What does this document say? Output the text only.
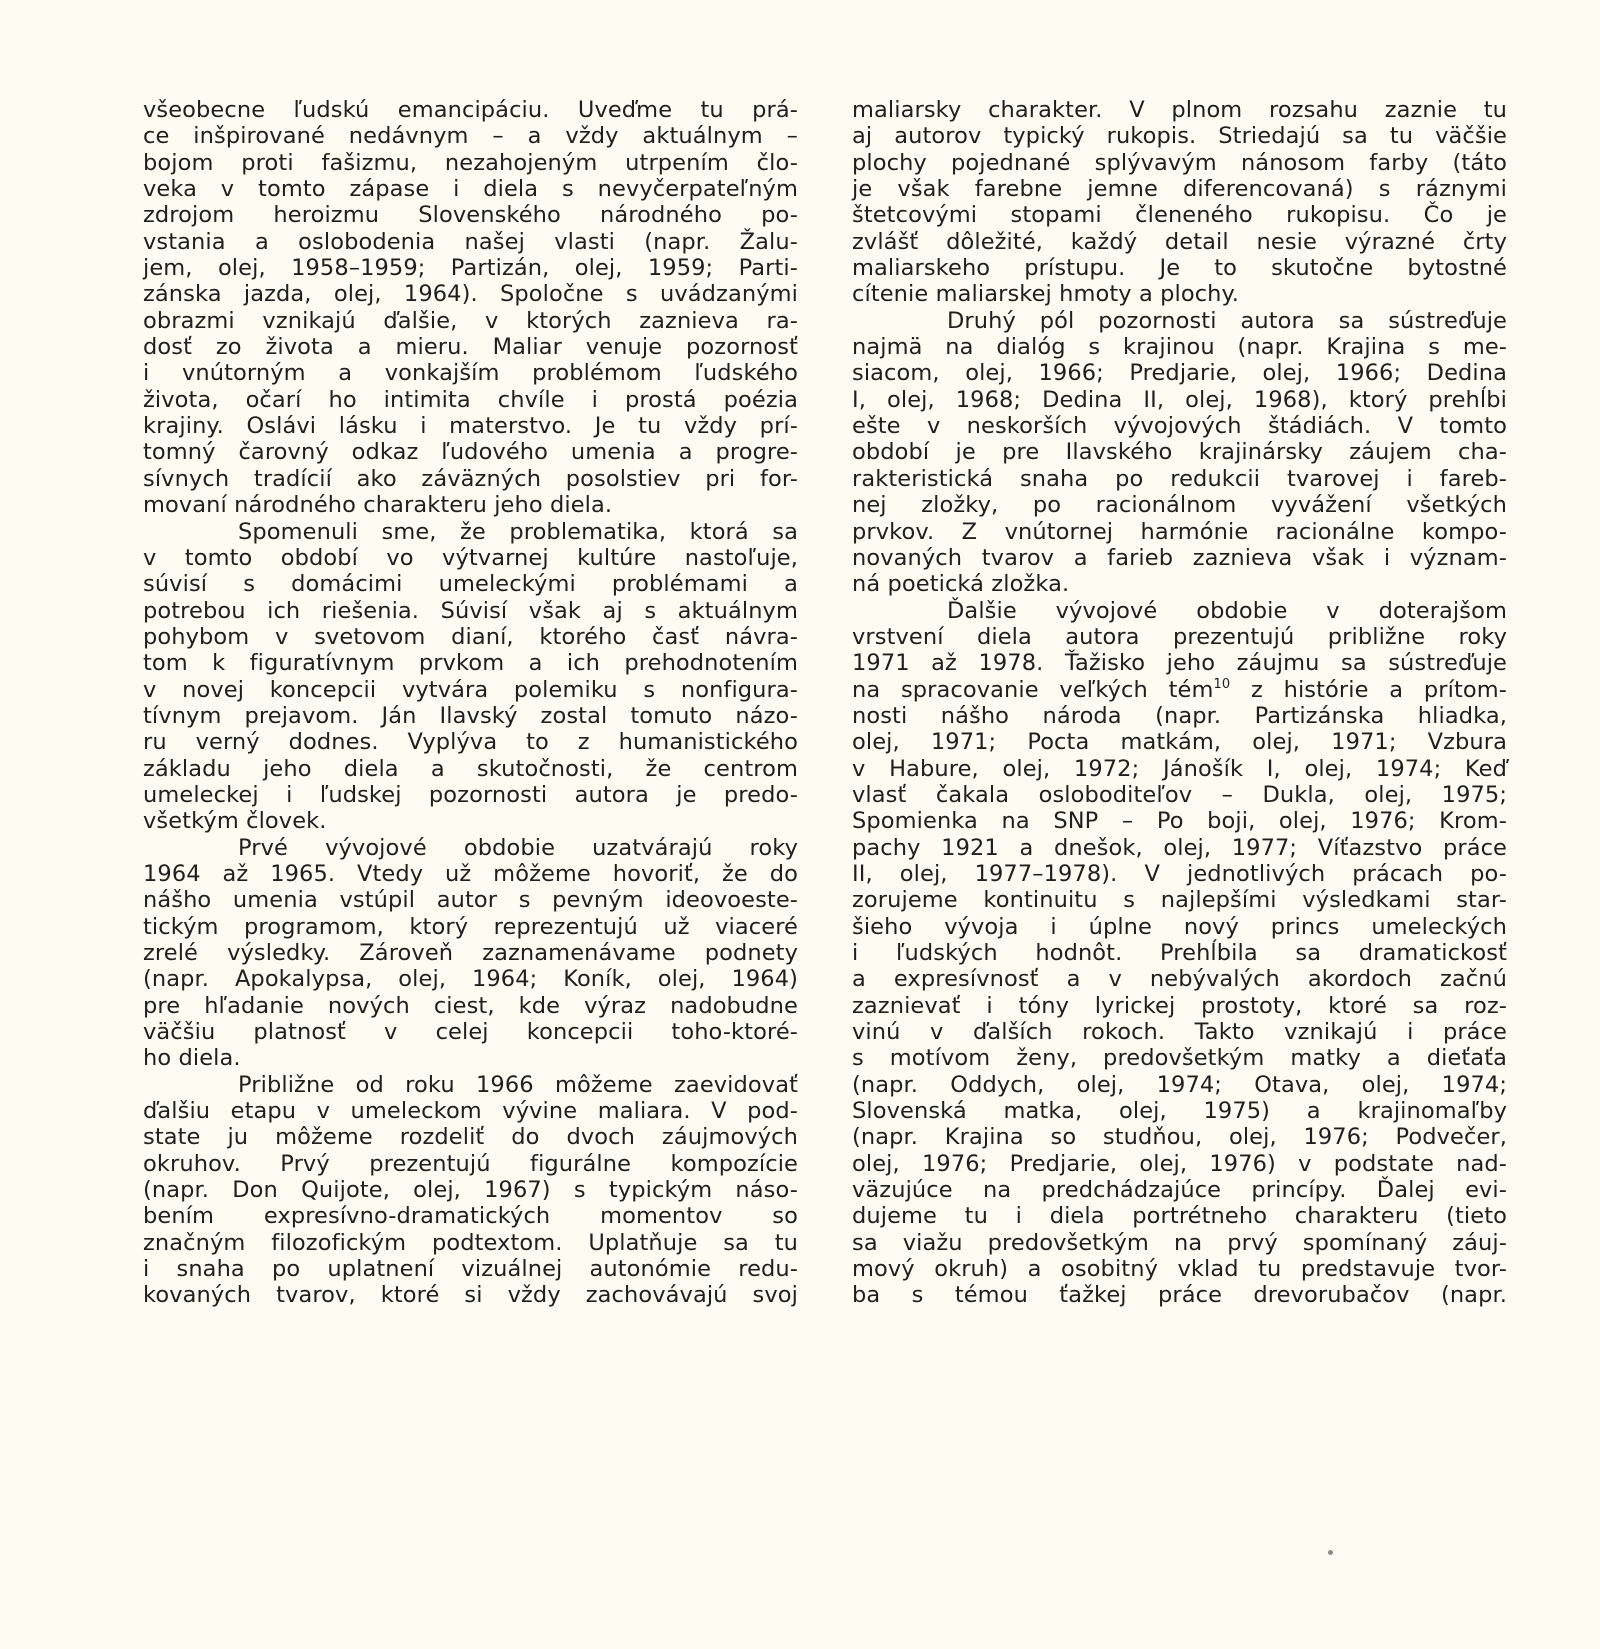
všeobecne ľudskú emancipáciu. Uveďme tu prá-
ce inšpirované nedávnym – a vždy aktuálnym –
bojom proti fašizmu, nezahojeným utrpením člo-
veka v tomto zápase i diela s nevyčerpateľným
zdrojom heroizmu Slovenského národného po-
vstania a oslobodenia našej vlasti (napr. Žalu-
jem, olej, 1958–1959; Partizán, olej, 1959; Parti-
zánska jazda, olej, 1964). Spoločne s uvádzanými
obrazmi vznikajú ďalšie, v ktorých zaznieva ra-
dosť zo života a mieru. Maliar venuje pozornosť
i vnútorným a vonkajším problémom ľudského
života, očarí ho intimita chvíle i prostá poézia
krajiny. Oslávi lásku i materstvo. Je tu vždy prí-
tomný čarovný odkaz ľudového umenia a progre-
sívnych tradícií ako záväzných posolstiev pri for-
movaní národného charakteru jeho diela.
Spomenuli sme, že problematika, ktorá sa
v tomto období vo výtvarnej kultúre nastoľuje,
súvisí s domácimi umeleckými problémami a
potrebou ich riešenia. Súvisí však aj s aktuálnym
pohybom v svetovom dianí, ktorého časť návra-
tom k figuratívnym prvkom a ich prehodnotením
v novej koncepcii vytvára polemiku s nonfigura-
tívnym prejavom. Ján Ilavský zostal tomuto názo-
ru verný dodnes. Vyplýva to z humanistického
základu jeho diela a skutočnosti, že centrom
umeleckej i ľudskej pozornosti autora je predo-
všetkým človek.
Prvé vývojové obdobie uzatvárajú roky
1964 až 1965. Vtedy už môžeme hovoriť, že do
nášho umenia vstúpil autor s pevným ideovoeste-
tickým programom, ktorý reprezentujú už viaceré
zrelé výsledky. Zároveň zaznamenávame podnety
(napr. Apokalypsa, olej, 1964; Koník, olej, 1964)
pre hľadanie nových ciest, kde výraz nadobudne
väčšiu platnosť v celej koncepcii toho-ktoré-
ho diela.
Približne od roku 1966 môžeme zaevidovať
ďalšiu etapu v umeleckom vývine maliara. V pod-
state ju môžeme rozdeliť do dvoch záujmových
okruhov. Prvý prezentujú figurálne kompozície
(napr. Don Quijote, olej, 1967) s typickým náso-
bením expresívno-dramatických momentov so
značným filozofickým podtextom. Uplatňuje sa tu
i snaha po uplatnení vizuálnej autonómie redu-
kovaných tvarov, ktoré si vždy zachovávajú svoj
maliarsky charakter. V plnom rozsahu zaznie tu
aj autorov typický rukopis. Striedajú sa tu väčšie
plochy pojednané splývavým nánosom farby (táto
je však farebne jemne diferencovaná) s ráznymi
štetcovými stopami členeného rukopisu. Čo je
zvlášť dôležité, každý detail nesie výrazné črty
maliarskeho prístupu. Je to skutočne bytostné
cítenie maliarskej hmoty a plochy.
Druhý pól pozornosti autora sa sústreďuje
najmä na dialóg s krajinou (napr. Krajina s me-
siacom, olej, 1966; Predjarie, olej, 1966; Dedina
I, olej, 1968; Dedina II, olej, 1968), ktorý prehĺbi
ešte v neskorších vývojových štádiách. V tomto
období je pre Ilavského krajinársky záujem cha-
rakteristická snaha po redukcii tvarovej i fareb-
nej zložky, po racionálnom vyvážení všetkých
prvkov. Z vnútornej harmónie racionálne kompo-
novaných tvarov a farieb zaznieva však i význam-
ná poetická zložka.
Ďalšie vývojové obdobie v doterajšom
vrstvení diela autora prezentujú približne roky
1971 až 1978. Ťažisko jeho záujmu sa sústreďuje
na spracovanie veľkých tém$^{10}$ z histórie a prítom-
nosti nášho národa (napr. Partizánska hliadka,
olej, 1971; Pocta matkám, olej, 1971; Vzbura
v Habure, olej, 1972; Jánošík I, olej, 1974; Keď
vlasť čakala osloboditeľov – Dukla, olej, 1975;
Spomienka na SNP – Po boji, olej, 1976; Krom-
pachy 1921 a dnešok, olej, 1977; Víťazstvo práce
II, olej, 1977–1978). V jednotlivých prácach po-
zorujeme kontinuitu s najlepšími výsledkami star-
šieho vývoja i úplne nový princs umeleckých
i ľudských hodnôt. Prehĺbila sa dramatickosť
a expresívnosť a v nebývalých akordoch začnú
zaznievať i tóny lyrickej prostoty, ktoré sa roz-
vinú v ďalších rokoch. Takto vznikajú i práce
s motívom ženy, predovšetkým matky a dieťaťa
(napr. Oddych, olej, 1974; Otava, olej, 1974;
Slovenská matka, olej, 1975) a krajinomaľby
(napr. Krajina so studňou, olej, 1976; Podvečer,
olej, 1976; Predjarie, olej, 1976) v podstate nad-
väzujúce na predchádzajúce princípy. Ďalej evi-
dujeme tu i diela portrétneho charakteru (tieto
sa viažu predovšetkým na prvý spomínaný záuj-
mový okruh) a osobitný vklad tu predstavuje tvor-
ba s témou ťažkej práce drevorubačov (napr.
